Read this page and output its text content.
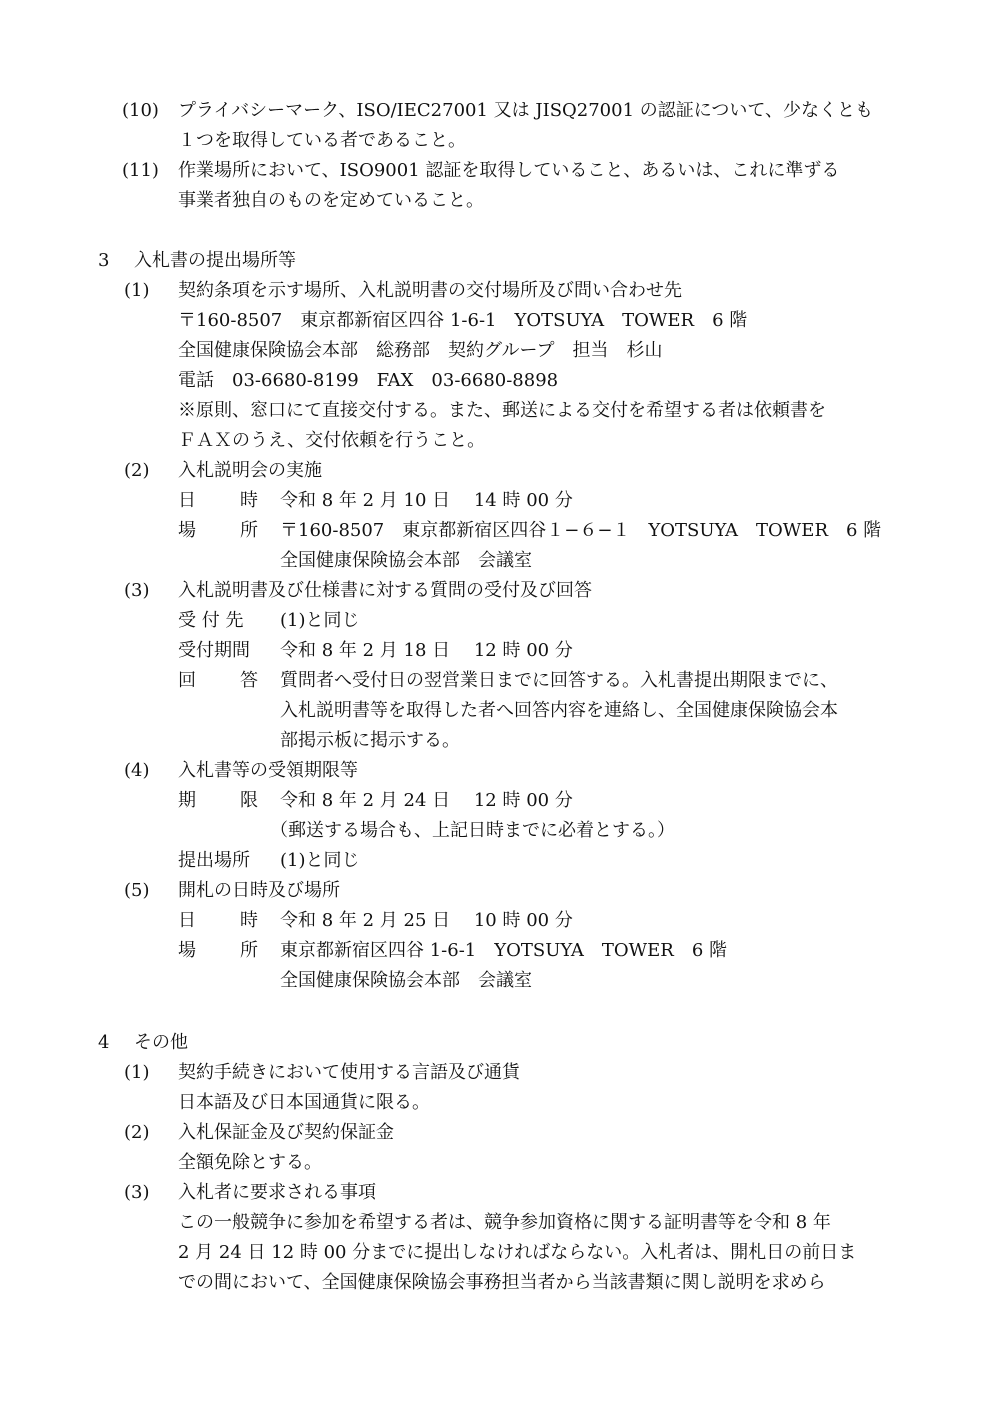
(10) プライバシーマーク、ISO/IEC27001 又は JISQ27001 の認証について、少なくとも
１つを取得している者であること。
(11) 作業場所において、ISO9001 認証を取得していること、あるいは、これに準ずる
事業者独自のものを定めていること。
3 入札書の提出場所等
(1) 契約条項を示す場所、入札説明書の交付場所及び問い合わせ先
〒160-8507　東京都新宿区四谷 1-6-1　YOTSUYA　TOWER　6 階
全国健康保険協会本部　総務部　契約グループ　担当　杉山
電話　03-6680-8199　FAX　03-6680-8898
※原則、窓口にて直接交付する。また、郵送による交付を希望する者は依頼書を
ＦＡＸのうえ、交付依頼を行うこと。
(2) 入札説明会の実施
日 時 令和 8 年 2 月 10 日　 14 時 00 分
場 所 〒160-8507　東京都新宿区四谷１−６−１　YOTSUYA　TOWER　6 階
全国健康保険協会本部　会議室
(3) 入札説明書及び仕様書に対する質問の受付及び回答
受 付 先 (1)と同じ
受付期間 令和 8 年 2 月 18 日　 12 時 00 分
回 答 質問者へ受付日の翌営業日までに回答する。入札書提出期限までに、
入札説明書等を取得した者へ回答内容を連絡し、全国健康保険協会本
部掲示板に掲示する。
(4) 入札書等の受領期限等
期 限 令和 8 年 2 月 24 日　 12 時 00 分
（郵送する場合も、上記日時までに必着とする。）
提出場所 (1)と同じ
(5) 開札の日時及び場所
日 時 令和 8 年 2 月 25 日　 10 時 00 分
場 所 東京都新宿区四谷 1-6-1　YOTSUYA　TOWER　6 階
全国健康保険協会本部　会議室
4 その他
(1) 契約手続きにおいて使用する言語及び通貨
日本語及び日本国通貨に限る。
(2) 入札保証金及び契約保証金
全額免除とする。
(3) 入札者に要求される事項
この一般競争に参加を希望する者は、競争参加資格に関する証明書等を令和 8 年
2 月 24 日 12 時 00 分までに提出しなければならない。入札者は、開札日の前日ま
での間において、全国健康保険協会事務担当者から当該書類に関し説明を求めら
